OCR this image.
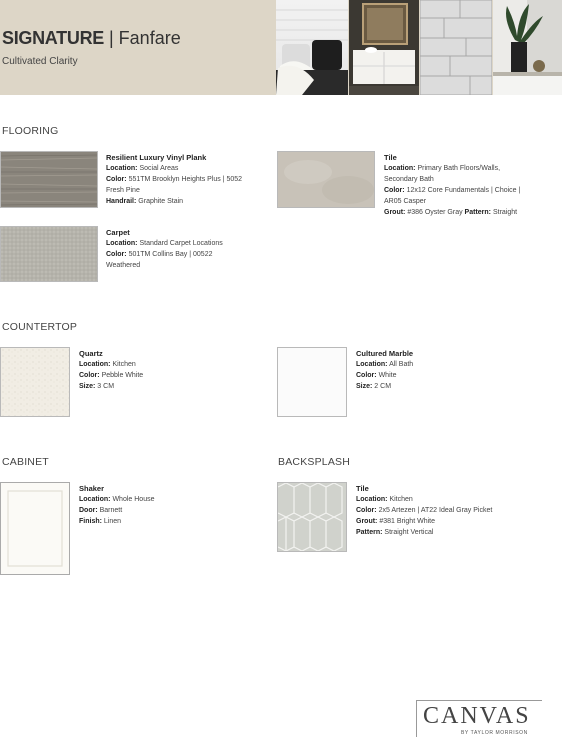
SIGNATURE | Fanfare
Cultivated Clarity
FLOORING
Resilient Luxury Vinyl Plank
Location: Social Areas
Color: 551TM Brooklyn Heights Plus | 5052
Fresh Pine
Handrail: Graphite Stain
Tile
Location: Primary Bath Floors/Walls,
Secondary Bath
Color: 12x12 Core Fundamentals | Choice |
AR05 Casper
Grout: #386 Oyster Gray Pattern: Straight
Carpet
Location: Standard Carpet Locations
Color: 501TM Collins Bay | 00522
Weathered
COUNTERTOP
Quartz
Location: Kitchen
Color: Pebble White
Size: 3 CM
Cultured Marble
Location: All Bath
Color: White
Size: 2 CM
CABINET
Shaker
Location: Whole House
Door: Barnett
Finish: Linen
BACKSPLASH
Tile
Location: Kitchen
Color: 2x5 Artezen | AT22 Ideal Gray Picket
Grout: #381 Bright White
Pattern: Straight Vertical
CANVAS
BY TAYLOR MORRISON
